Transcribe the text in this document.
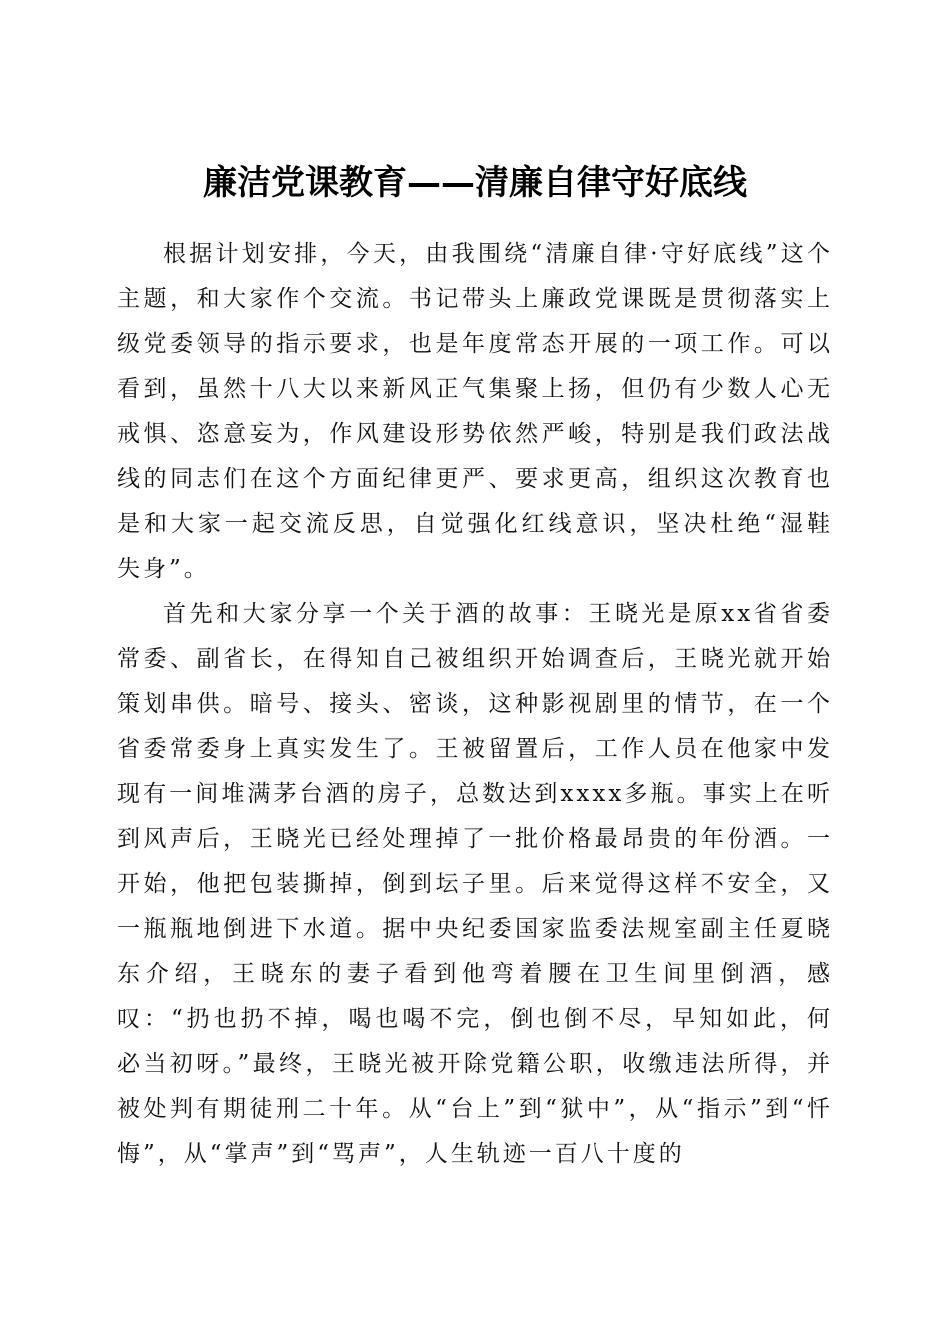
廉洁党课教育——清廉自律守好底线

根据计划安排，今天，由我围绕“清廉自律·守好底线”这个主题，和大家作个交流。书记带头上廉政党课既是贯彻落实上级党委领导的指示要求，也是年度常态开展的一项工作。可以看到，虽然十八大以来新风正气集聚上扬，但仍有少数人心无戒惧、恣意妄为，作风建设形势依然严峻，特别是我们政法战线的同志们在这个方面纪律更严、要求更高，组织这次教育也是和大家一起交流反思，自觉强化红线意识，坚决杜绝“湿鞋失身”。

首先和大家分享一个关于酒的故事：王晓光是原xx省省委常委、副省长，在得知自己被组织开始调查后，王晓光就开始策划串供。暗号、接头、密谈，这种影视剧里的情节，在一个省委常委身上真实发生了。王被留置后，工作人员在他家中发现有一间堆满茅台酒的房子，总数达到xxxx多瓶。事实上在听到风声后，王晓光已经处理掉了一批价格最昂贵的年份酒。一开始，他把包装撕掉，倒到坛子里。后来觉得这样不安全，又一瓶瓶地倒进下水道。据中央纪委国家监委法规室副主任夏晓东介绍，王晓东的妻子看到他弯着腰在卫生间里倒酒，感叹：“扔也扔不掉，喝也喝不完，倒也倒不尽，早知如此，何必当初呀。”最终，王晓光被开除党籍公职，收缴违法所得，并被处判有期徒刑二十年。从“台上”到“狱中”，从“指示”到“忏悔”，从“掌声”到“骂声”，人生轨迹一百八十度的
